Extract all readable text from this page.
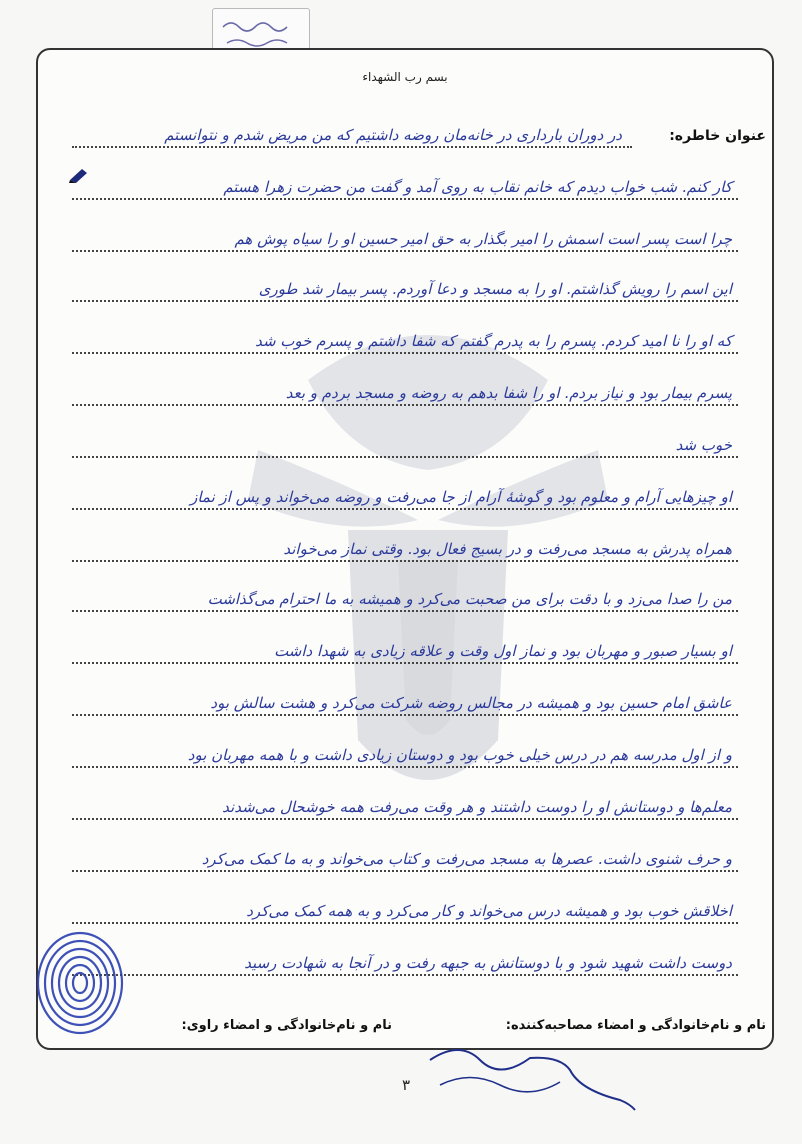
بسم رب الشهداء
عنوان خاطره:
در دوران بارداری در خانه‌مان روضه داشتیم که من مریض شدم و نتوانستم
کار کنم. شب خواب دیدم که خانم نقاب به روی آمد و گفت من حضرت زهرا هستم
چرا است پسر است اسمش را امیر بگذار به حق امیر حسین او را سیاه پوش هم
این اسم را رویش گذاشتم. او را به مسجد و دعا آوردم. پسر بیمار شد طوری
که او را نا امید کردم. پسرم را به پدرم گفتم که شفا داشتم و پسرم خوب شد
پسرم بیمار بود و نیاز بردم. او را شفا بدهم به روضه و مسجد بردم و بعد
خوب شد
او چیزهایی آرام و معلوم بود و گوشهٔ آرام از جا می‌رفت و روضه می‌خواند و پس از نماز
همراه پدرش به مسجد می‌رفت و در بسیج فعال بود. وقتی نماز می‌خواند
من را صدا می‌زد و با دقت برای من صحبت می‌کرد و همیشه به ما احترام می‌گذاشت
او بسیار صبور و مهربان بود و نماز اول وقت و علاقه زیادی به شهدا داشت
عاشق امام حسین بود و همیشه در مجالس روضه شرکت می‌کرد و هشت سالش بود
و از اول مدرسه هم در درس خیلی خوب بود و دوستان زیادی داشت و با همه مهربان بود
معلم‌ها و دوستانش او را دوست داشتند و هر وقت می‌رفت همه خوشحال می‌شدند
و حرف شنوی داشت. عصرها به مسجد می‌رفت و کتاب می‌خواند و به ما کمک می‌کرد
اخلاقش خوب بود و همیشه درس می‌خواند و کار می‌کرد و به همه کمک می‌کرد
دوست داشت شهید شود و با دوستانش به جبهه رفت و در آنجا به شهادت رسید
نام و نام‌خانوادگی و امضاء مصاحبه‌کننده:
نام و نام‌خانوادگی و امضاء راوی:
۳
